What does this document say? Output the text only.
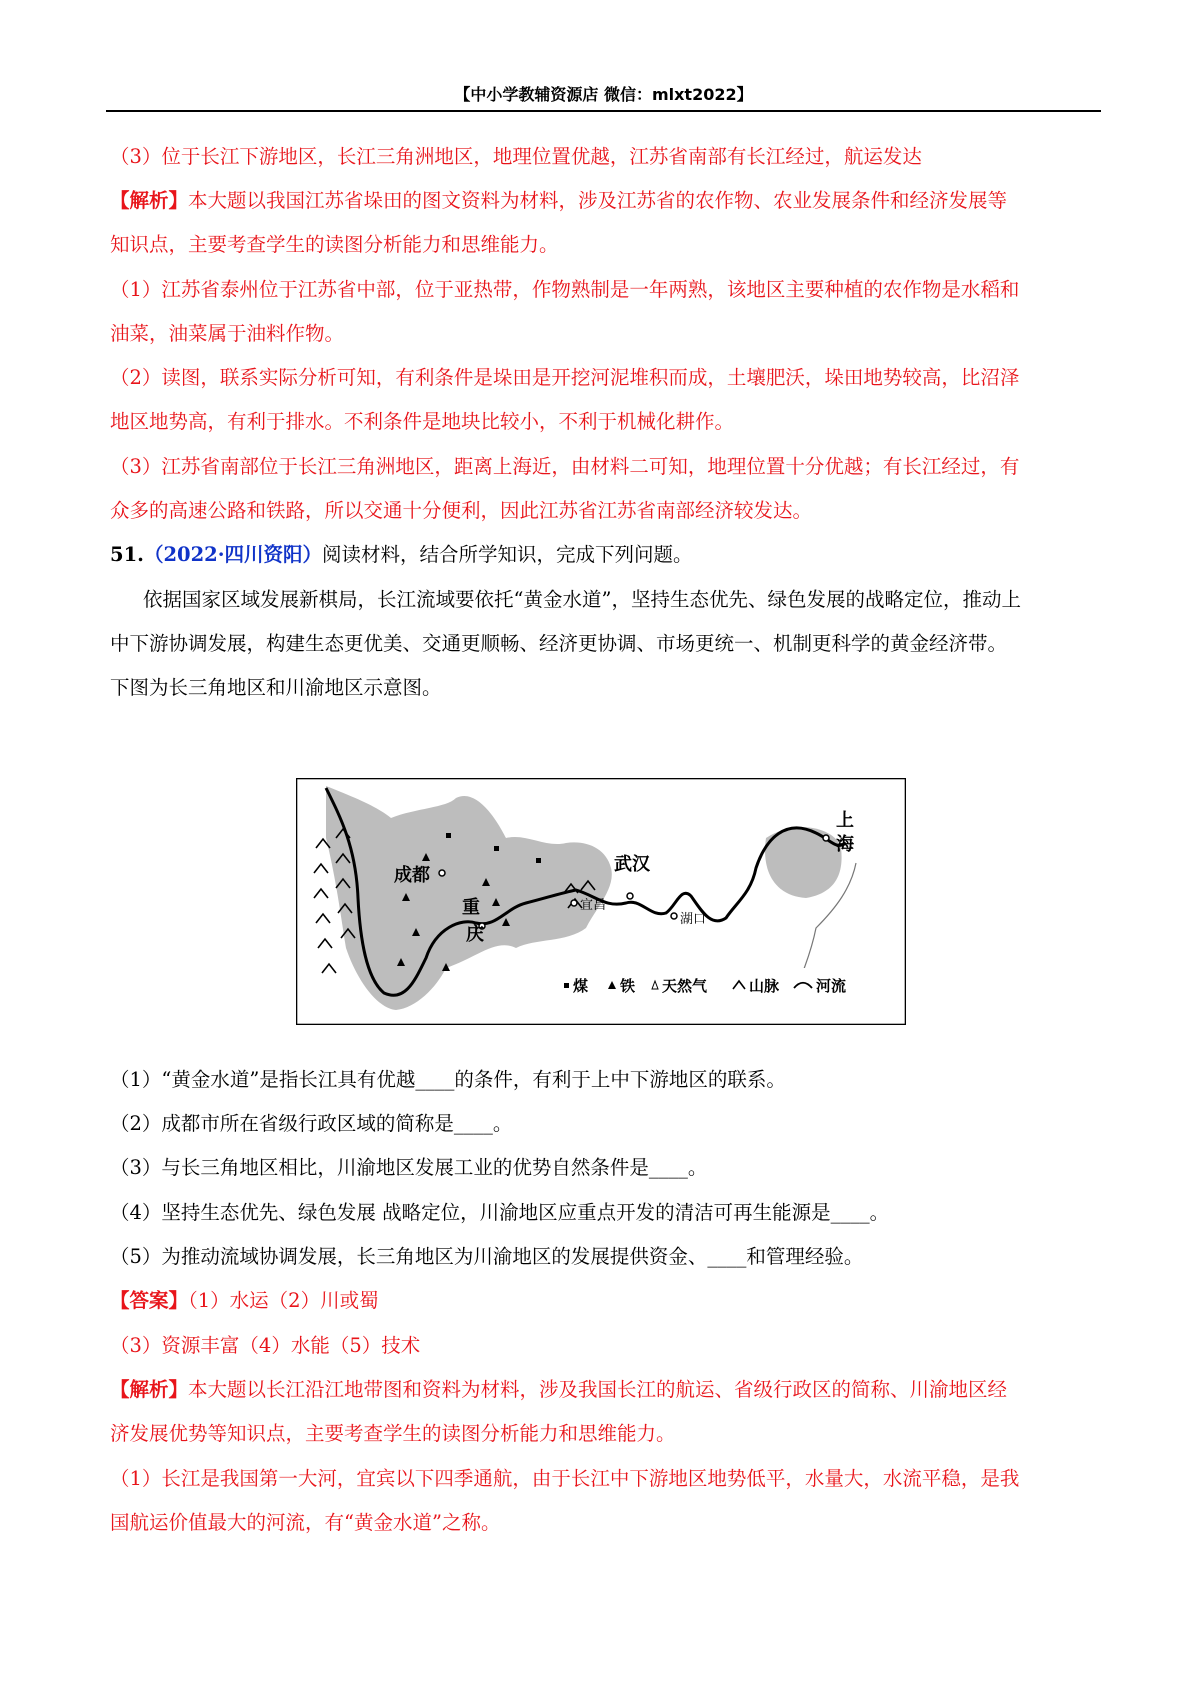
【中小学教辅资源店 微信：mlxt2022】
（3）位于长江下游地区，长江三角洲地区，地理位置优越，江苏省南部有长江经过，航运发达
【解析】本大题以我国江苏省垛田的图文资料为材料，涉及江苏省的农作物、农业发展条件和经济发展等
知识点，主要考查学生的读图分析能力和思维能力。
（1）江苏省泰州位于江苏省中部，位于亚热带，作物熟制是一年两熟，该地区主要种植的农作物是水稻和
油菜，油菜属于油料作物。
（2）读图，联系实际分析可知，有利条件是垛田是开挖河泥堆积而成，土壤肥沃，垛田地势较高，比沼泽
地区地势高，有利于排水。不利条件是地块比较小，不利于机械化耕作。
（3）江苏省南部位于长江三角洲地区，距离上海近，由材料二可知，地理位置十分优越；有长江经过，有
众多的高速公路和铁路，所以交通十分便利，因此江苏省江苏省南部经济较发达。
51.（2022·四川资阳）阅读材料，结合所学知识，完成下列问题。
依据国家区域发展新棋局，长江流域要依托“黄金水道”，坚持生态优先、绿色发展的战略定位，推动上
中下游协调发展，构建生态更优美、交通更顺畅、经济更协调、市场更统一、机制更科学的黄金经济带。
下图为长三角地区和川渝地区示意图。
成都
重
庆
武汉
上
海
宜昌
湖口
煤 铁 天然气	山脉 河流
（1）“黄金水道”是指长江具有优越____的条件，有利于上中下游地区的联系。
（2）成都市所在省级行政区域的简称是____。
（3）与长三角地区相比，川渝地区发展工业的优势自然条件是____。
（4）坚持生态优先、绿色发展 战略定位，川渝地区应重点开发的清洁可再生能源是____。
（5）为推动流域协调发展，长三角地区为川渝地区的发展提供资金、____和管理经验。
【答案】（1）水运（2）川或蜀
（3）资源丰富（4）水能（5）技术
【解析】本大题以长江沿江地带图和资料为材料，涉及我国长江的航运、省级行政区的简称、川渝地区经
济发展优势等知识点，主要考查学生的读图分析能力和思维能力。
（1）长江是我国第一大河，宜宾以下四季通航，由于长江中下游地区地势低平，水量大，水流平稳，是我
国航运价值最大的河流，有“黄金水道”之称。
